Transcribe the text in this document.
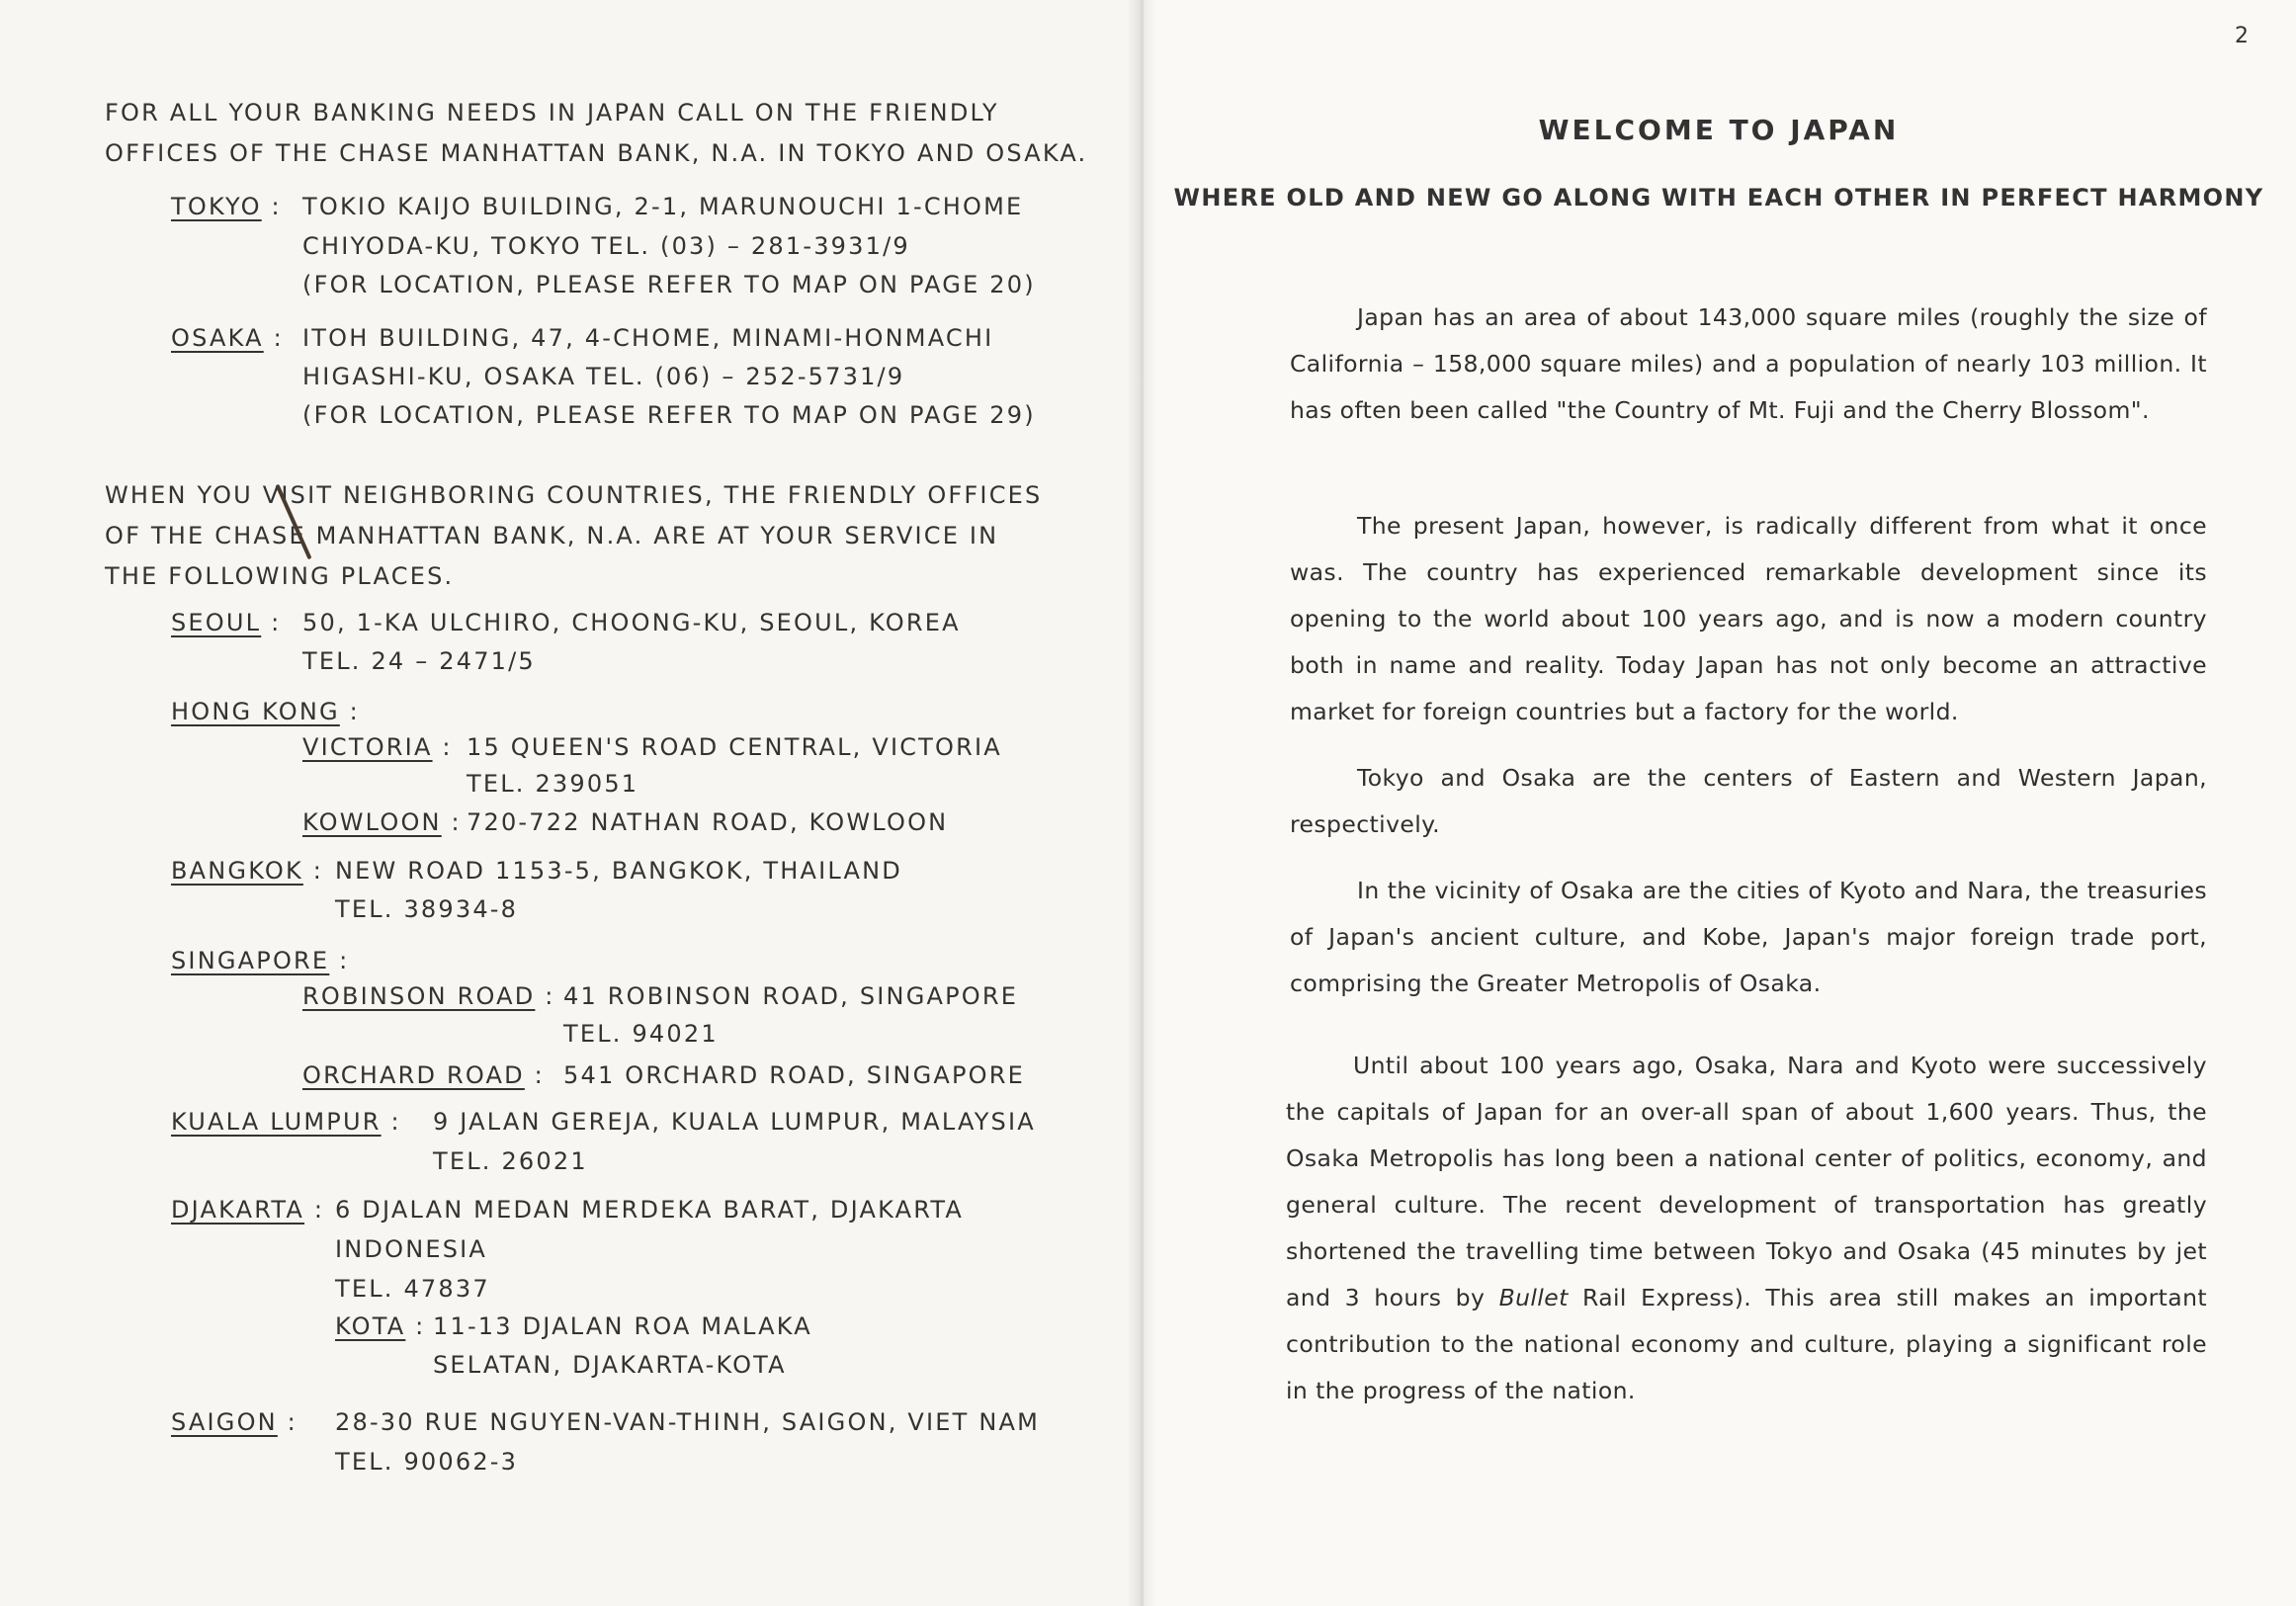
FOR ALL YOUR BANKING NEEDS IN JAPAN CALL ON THE FRIENDLY
OFFICES OF THE CHASE MANHATTAN BANK, N.A. IN TOKYO AND OSAKA.
TOKYO : TOKIO KAIJO BUILDING, 2-1, MARUNOUCHI 1-CHOME
CHIYODA-KU, TOKYO TEL. (03) – 281-3931/9
(FOR LOCATION, PLEASE REFER TO MAP ON PAGE 20)
OSAKA : ITOH BUILDING, 47, 4-CHOME, MINAMI-HONMACHI
HIGASHI-KU, OSAKA TEL. (06) – 252-5731/9
(FOR LOCATION, PLEASE REFER TO MAP ON PAGE 29)
WHEN YOU VISIT NEIGHBORING COUNTRIES, THE FRIENDLY OFFICES
OF THE CHASE MANHATTAN BANK, N.A. ARE AT YOUR SERVICE IN
THE FOLLOWING PLACES.
SEOUL : 50, 1-KA ULCHIRO, CHOONG-KU, SEOUL, KOREA
TEL. 24 – 2471/5
HONG KONG :
VICTORIA : 15 QUEEN'S ROAD CENTRAL, VICTORIA
TEL. 239051
KOWLOON : 720-722 NATHAN ROAD, KOWLOON
BANGKOK : NEW ROAD 1153-5, BANGKOK, THAILAND
TEL. 38934-8
SINGAPORE :
ROBINSON ROAD : 41 ROBINSON ROAD, SINGAPORE
TEL. 94021
ORCHARD ROAD : 541 ORCHARD ROAD, SINGAPORE
KUALA LUMPUR : 9 JALAN GEREJA, KUALA LUMPUR, MALAYSIA
TEL. 26021
DJAKARTA : 6 DJALAN MEDAN MERDEKA BARAT, DJAKARTA
INDONESIA
TEL. 47837
KOTA : 11-13 DJALAN ROA MALAKA
SELATAN, DJAKARTA-KOTA
SAIGON : 28-30 RUE NGUYEN-VAN-THINH, SAIGON, VIET NAM
TEL. 90062-3
2
WELCOME TO JAPAN
WHERE OLD AND NEW GO ALONG WITH EACH OTHER IN PERFECT HARMONY
Japan has an area of about 143,000 square miles (roughly the size of California – 158,000 square miles) and a population of nearly 103 million. It has often been called "the Country of Mt. Fuji and the Cherry Blossom".
The present Japan, however, is radically different from what it once was. The country has experienced remarkable development since its opening to the world about 100 years ago, and is now a modern country both in name and reality. Today Japan has not only become an attractive market for foreign countries but a factory for the world.
Tokyo and Osaka are the centers of Eastern and Western Japan, respectively.
In the vicinity of Osaka are the cities of Kyoto and Nara, the treasuries of Japan's ancient culture, and Kobe, Japan's major foreign trade port, comprising the Greater Metropolis of Osaka.
Until about 100 years ago, Osaka, Nara and Kyoto were successively the capitals of Japan for an over-all span of about 1,600 years. Thus, the Osaka Metropolis has long been a national center of politics, economy, and general culture. The recent development of transportation has greatly shortened the travelling time between Tokyo and Osaka (45 minutes by jet and 3 hours by Bullet Rail Express). This area still makes an important contribution to the national economy and culture, playing a significant role in the progress of the nation.
